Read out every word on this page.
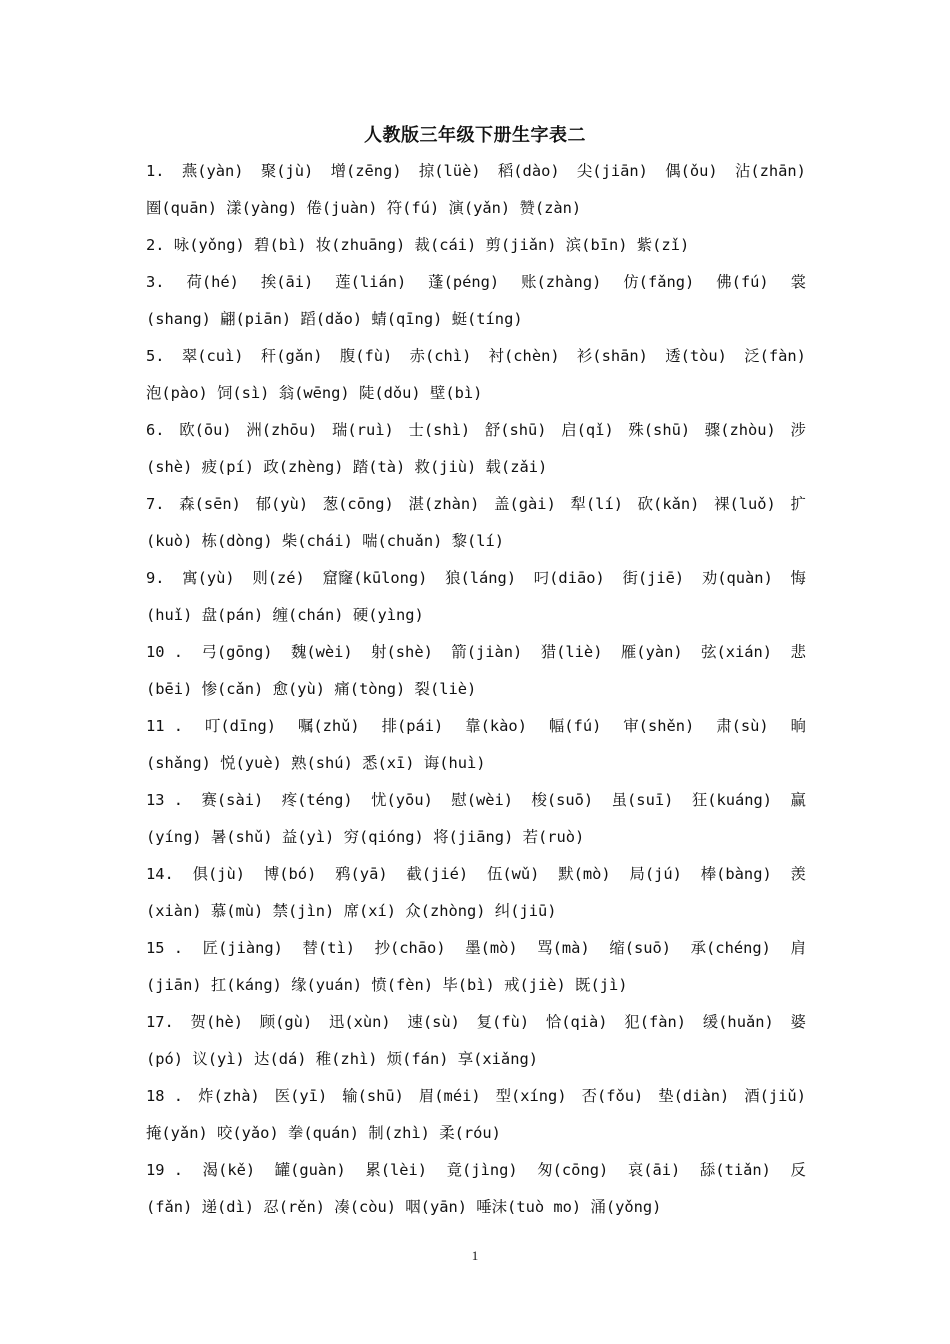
人教版三年级下册生字表二
1. 燕(yàn) 聚(jù) 增(zēng) 掠(lüè) 稻(dào) 尖(jiān) 偶(ǒu) 沾(zhān)
圈(quān) 漾(yàng) 倦(juàn) 符(fú) 演(yǎn) 赞(zàn)
2. 咏(yǒng) 碧(bì) 妆(zhuāng) 裁(cái) 剪(jiǎn) 滨(bīn) 紫(zǐ)
3. 荷(hé) 挨(āi) 莲(lián) 蓬(péng) 账(zhàng) 仿(fǎng) 佛(fú) 裳
(shang) 翩(piān) 蹈(dǎo) 蜻(qīng) 蜓(tíng)
5. 翠(cuì) 秆(gǎn) 腹(fù) 赤(chì) 衬(chèn) 衫(shān) 透(tòu) 泛(fàn)
泡(pào) 饲(sì) 翁(wēng) 陡(dǒu) 壁(bì)
6. 欧(ōu) 洲(zhōu) 瑞(ruì) 士(shì) 舒(shū) 启(qǐ) 殊(shū) 骤(zhòu) 涉
(shè) 疲(pí) 政(zhèng) 踏(tà) 救(jiù) 载(zǎi)
7. 森(sēn) 郁(yù) 葱(cōng) 湛(zhàn) 盖(gài) 犁(lí) 砍(kǎn) 裸(luǒ) 扩
(kuò) 栋(dòng) 柴(chái) 喘(chuǎn) 黎(lí)
9. 寓(yù) 则(zé) 窟窿(kūlong) 狼(láng) 叼(diāo) 街(jiē) 劝(quàn) 悔
(huǐ) 盘(pán) 缠(chán) 硬(yìng)
10 . 弓(gōng) 魏(wèi) 射(shè) 箭(jiàn) 猎(liè) 雁(yàn) 弦(xián) 悲
(bēi) 惨(cǎn) 愈(yù) 痛(tòng) 裂(liè)
11 . 叮(dīng) 嘱(zhǔ) 排(pái) 靠(kào) 幅(fú) 审(shěn) 肃(sù) 晌
(shǎng) 悦(yuè) 熟(shú) 悉(xī) 诲(huì)
13 . 赛(sài) 疼(téng) 忧(yōu) 慰(wèi) 梭(suō) 虽(suī) 狂(kuáng) 赢
(yíng) 暑(shǔ) 益(yì) 穷(qióng) 将(jiāng) 若(ruò)
14. 俱(jù) 博(bó) 鸦(yā) 截(jié) 伍(wǔ) 默(mò) 局(jú) 棒(bàng) 羡
(xiàn) 慕(mù) 禁(jìn) 席(xí) 众(zhòng) 纠(jiū)
15 . 匠(jiàng) 替(tì) 抄(chāo) 墨(mò) 骂(mà) 缩(suō) 承(chéng) 肩
(jiān) 扛(káng) 缘(yuán) 愤(fèn) 毕(bì) 戒(jiè) 既(jì)
17. 贺(hè) 顾(gù) 迅(xùn) 速(sù) 复(fù) 恰(qià) 犯(fàn) 缓(huǎn) 婆
(pó) 议(yì) 达(dá) 稚(zhì) 烦(fán) 享(xiǎng)
18 . 炸(zhà) 医(yī) 输(shū) 眉(méi) 型(xíng) 否(fǒu) 垫(diàn) 酒(jiǔ)
掩(yǎn) 咬(yǎo) 拳(quán) 制(zhì) 柔(róu)
19 . 渴(kě) 罐(guàn) 累(lèi) 竟(jìng) 匆(cōng) 哀(āi) 舔(tiǎn) 反
(fǎn) 递(dì) 忍(rěn) 凑(còu) 咽(yān) 唾沫(tuò mo) 涌(yǒng)
1
